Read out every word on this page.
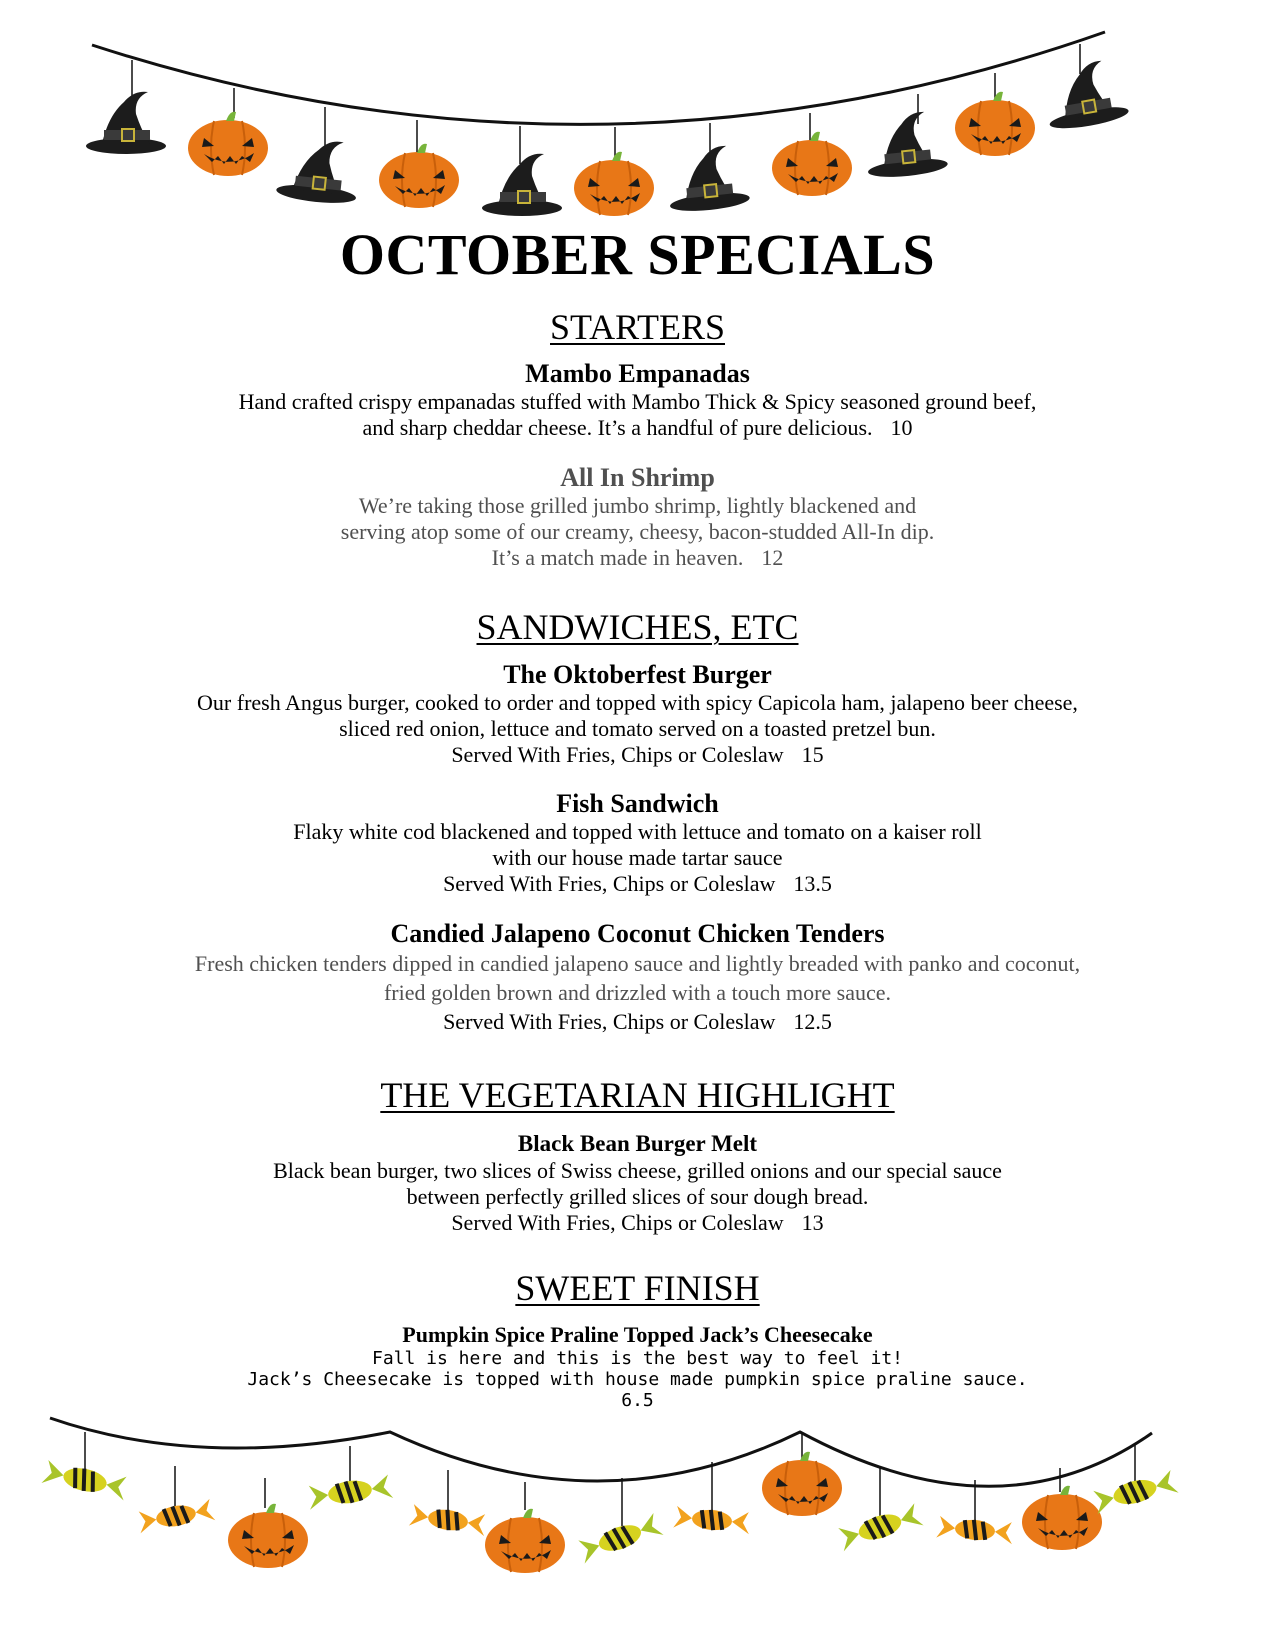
OCTOBER SPECIALS
STARTERS
Mambo Empanadas
Hand crafted crispy empanadas stuffed with Mambo Thick & Spicy seasoned ground beef,
and sharp cheddar cheese. It’s a handful of pure delicious. 10
All In Shrimp
We’re taking those grilled jumbo shrimp, lightly blackened and
serving atop some of our creamy, cheesy, bacon-studded All-In dip.
It’s a match made in heaven. 12
SANDWICHES, ETC
The Oktoberfest Burger
Our fresh Angus burger, cooked to order and topped with spicy Capicola ham, jalapeno beer cheese,
sliced red onion, lettuce and tomato served on a toasted pretzel bun.
Served With Fries, Chips or Coleslaw 15
Fish Sandwich
Flaky white cod blackened and topped with lettuce and tomato on a kaiser roll
with our house made tartar sauce
Served With Fries, Chips or Coleslaw 13.5
Candied Jalapeno Coconut Chicken Tenders
Fresh chicken tenders dipped in candied jalapeno sauce and lightly breaded with panko and coconut,
fried golden brown and drizzled with a touch more sauce.
Served With Fries, Chips or Coleslaw 12.5
THE VEGETARIAN HIGHLIGHT
Black Bean Burger Melt
Black bean burger, two slices of Swiss cheese, grilled onions and our special sauce
between perfectly grilled slices of sour dough bread.
Served With Fries, Chips or Coleslaw 13
SWEET FINISH
Pumpkin Spice Praline Topped Jack’s Cheesecake
Fall is here and this is the best way to feel it!
Jack’s Cheesecake is topped with house made pumpkin spice praline sauce.
6.5
